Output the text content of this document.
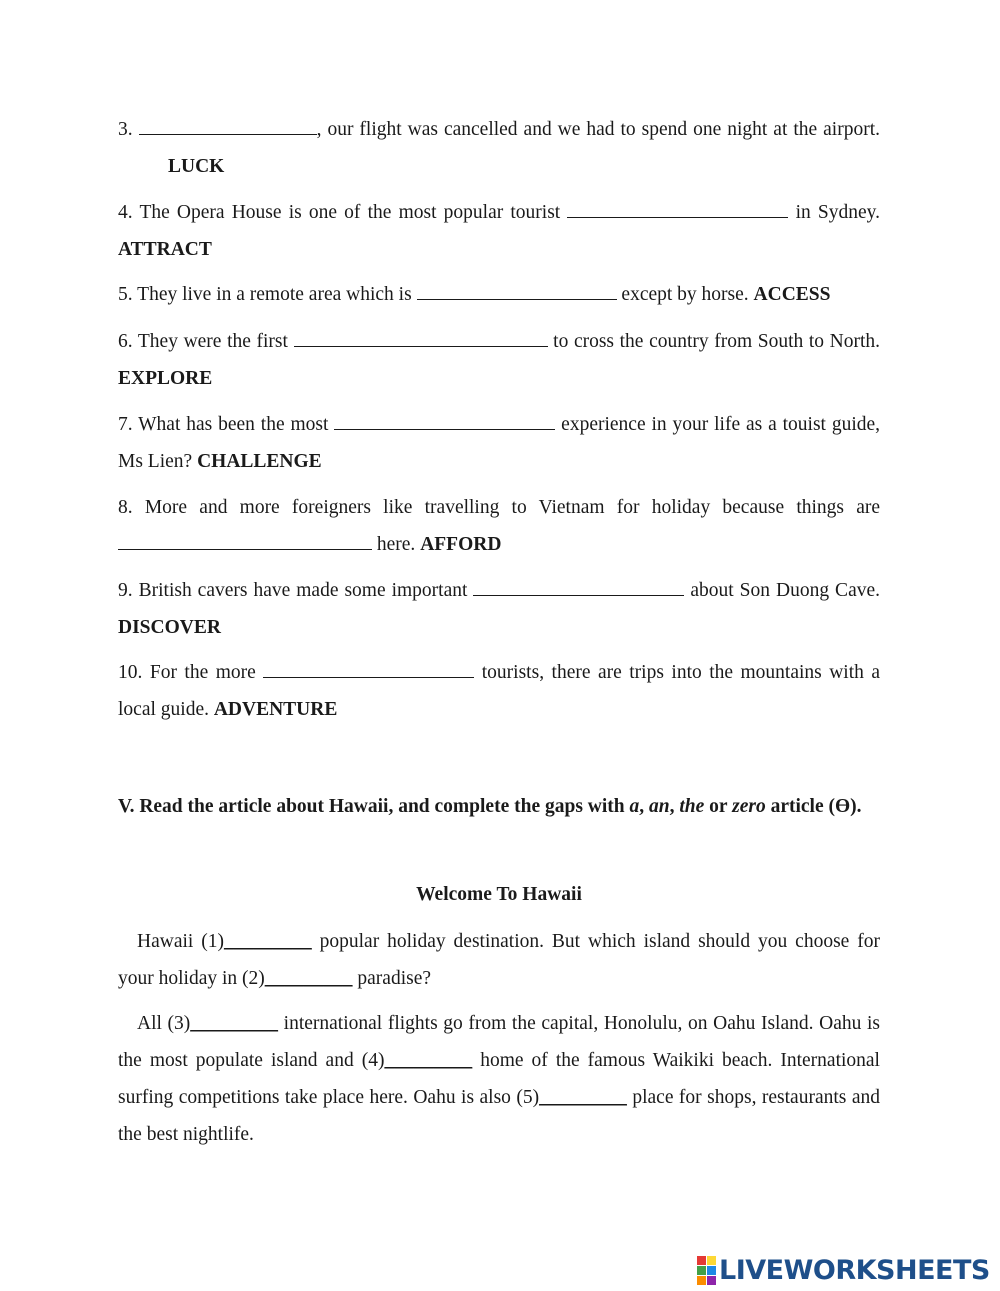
3.	, our flight was cancelled and we had to spend one night at the airport. LUCK
4. The Opera House is one of the most popular tourist	in Sydney. ATTRACT
5. They live in a remote area which is	except by horse. ACCESS
6. They were the first	to cross the country from South to North. EXPLORE
7. What has been the most	experience in your life as a touist guide, Ms Lien? CHALLENGE
8. More and more foreigners like travelling to Vietnam for holiday because things are  here. AFFORD
9. British cavers have made some important	about Son Duong Cave. DISCOVER
10. For the more	tourists, there are trips into the mountains with a local guide. ADVENTURE
V. Read the article about Hawaii, and complete the gaps with a, an, the or zero article (Ө).
Welcome To Hawaii
Hawaii (1)_________ popular holiday destination. But which island should you choose for your holiday in (2)_________ paradise?
All (3)_________ international flights go from the capital, Honolulu, on Oahu Island. Oahu is the most populate island and (4)_________ home of the famous Waikiki beach. International surfing competitions take place here. Oahu is also (5)_________ place for shops, restaurants and the best nightlife.
LIVEWORKSHEETS
